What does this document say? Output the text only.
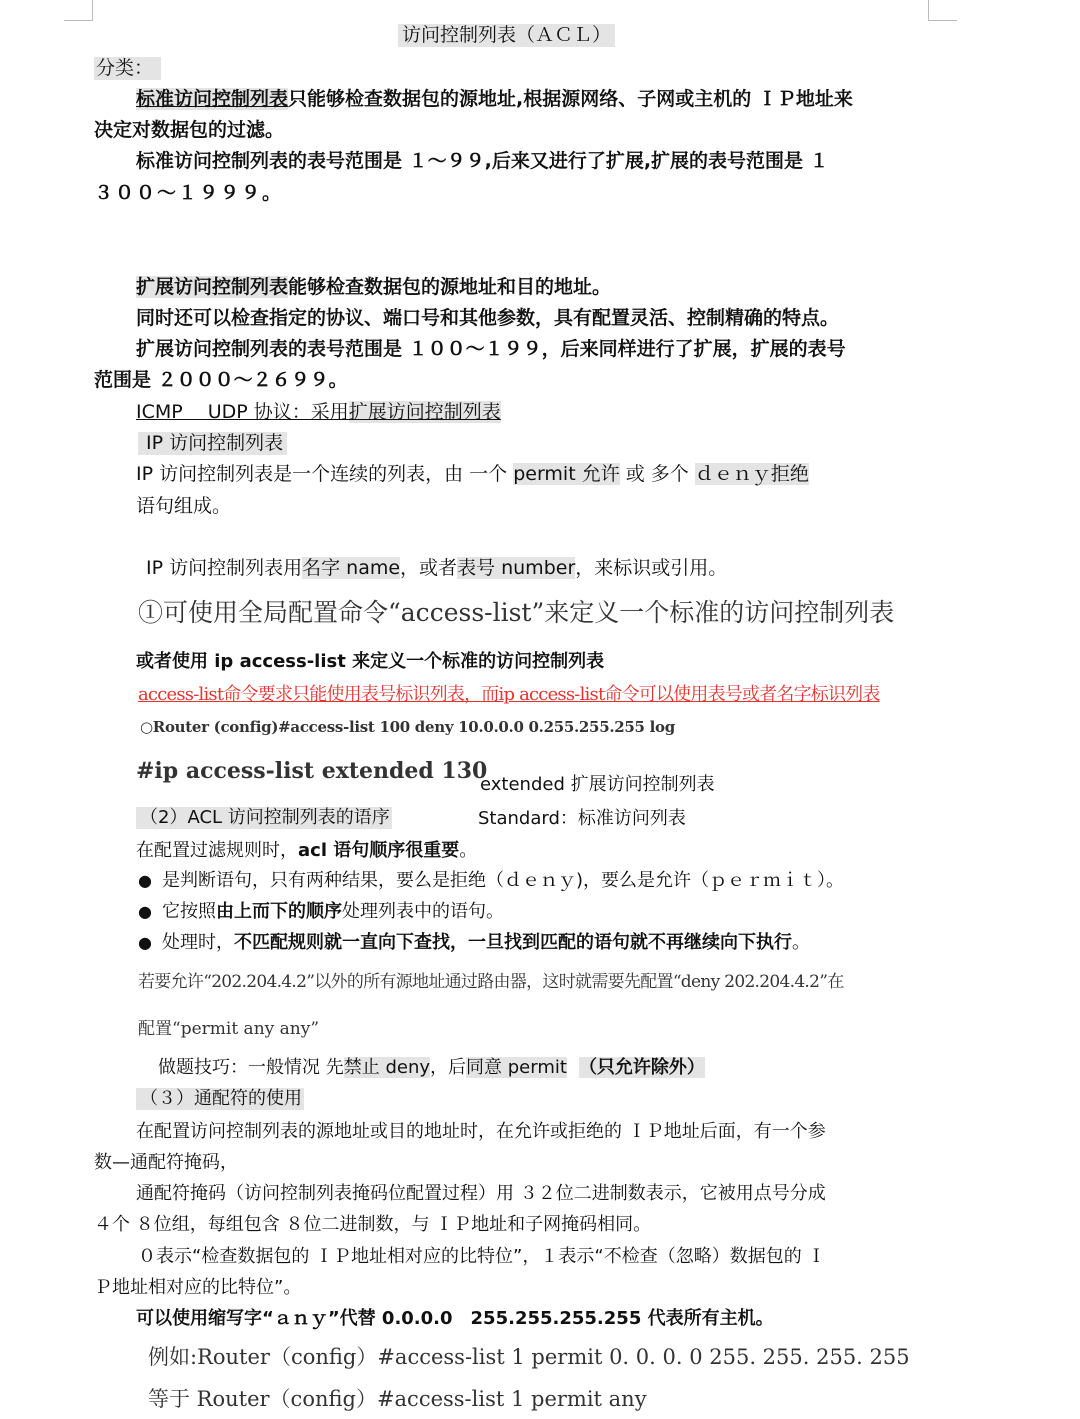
访问控制列表（ＡＣＬ）
分类：
标准访问控制列表只能够检查数据包的源地址,根据源网络、子网或主机的 ＩＰ地址来
决定对数据包的过滤。
标准访问控制列表的表号范围是 １～９９,后来又进行了扩展,扩展的表号范围是 １
３００～１９９９。
扩展访问控制列表能够检查数据包的源地址和目的地址。
同时还可以检查指定的协议、端口号和其他参数，具有配置灵活、控制精确的特点。
扩展访问控制列表的表号范围是 １００～１９９，后来同样进行了扩展，扩展的表号
范围是 ２０００～２６９９。
ICMP　 UDP 协议：采用扩展访问控制列表
IP 访问控制列表
IP 访问控制列表是一个连续的列表，由 一个 permit 允许 或 多个 ｄｅｎｙ拒绝
语句组成。
IP 访问控制列表用名字 name，或者表号 number，来标识或引用。
①可使用全局配置命令“access-list”来定义一个标准的访问控制列表
或者使用 ip access-list 来定义一个标准的访问控制列表
access-list命令要求只能使用表号标识列表，而ip access-list命令可以使用表号或者名字标识列表
○Router (config)#access-list 100 deny 10.0.0.0 0.255.255.255 log
#ip access-list extended 130
extended 扩展访问控制列表
（2）ACL 访问控制列表的语序	Standard：标准访问列表
在配置过滤规则时，acl 语句顺序很重要。
● 是判断语句，只有两种结果，要么是拒绝（ｄｅｎｙ)，要么是允许（ｐｅｒｍｉｔ）。
● 它按照由上而下的顺序处理列表中的语句。
● 处理时，不匹配规则就一直向下查找，一旦找到匹配的语句就不再继续向下执行。
若要允许“202.204.4.2”以外的所有源地址通过路由器，这时就需要先配置“deny 202.204.4.2”在
配置“permit any any”
做题技巧：一般情况 先禁止 deny，后同意 permit （只允许除外）
（３）通配符的使用
在配置访问控制列表的源地址或目的地址时，在允许或拒绝的 ＩＰ地址后面，有一个参
数—通配符掩码，
通配符掩码（访问控制列表掩码位配置过程）用 ３２位二进制数表示，它被用点号分成
４个 ８位组，每组包含 ８位二进制数，与 ＩＰ地址和子网掩码相同。
０表示“检查数据包的 ＩＰ地址相对应的比特位”，１表示“不检查（忽略）数据包的 Ｉ
Ｐ地址相对应的比特位”。
可以使用缩写字“ａｎｙ”代替 0.0.0.0　255.255.255.255 代表所有主机。
例如:Router（config）#access-list 1 permit 0. 0. 0. 0 255. 255. 255. 255
等于 Router（config）#access-list 1 permit any
